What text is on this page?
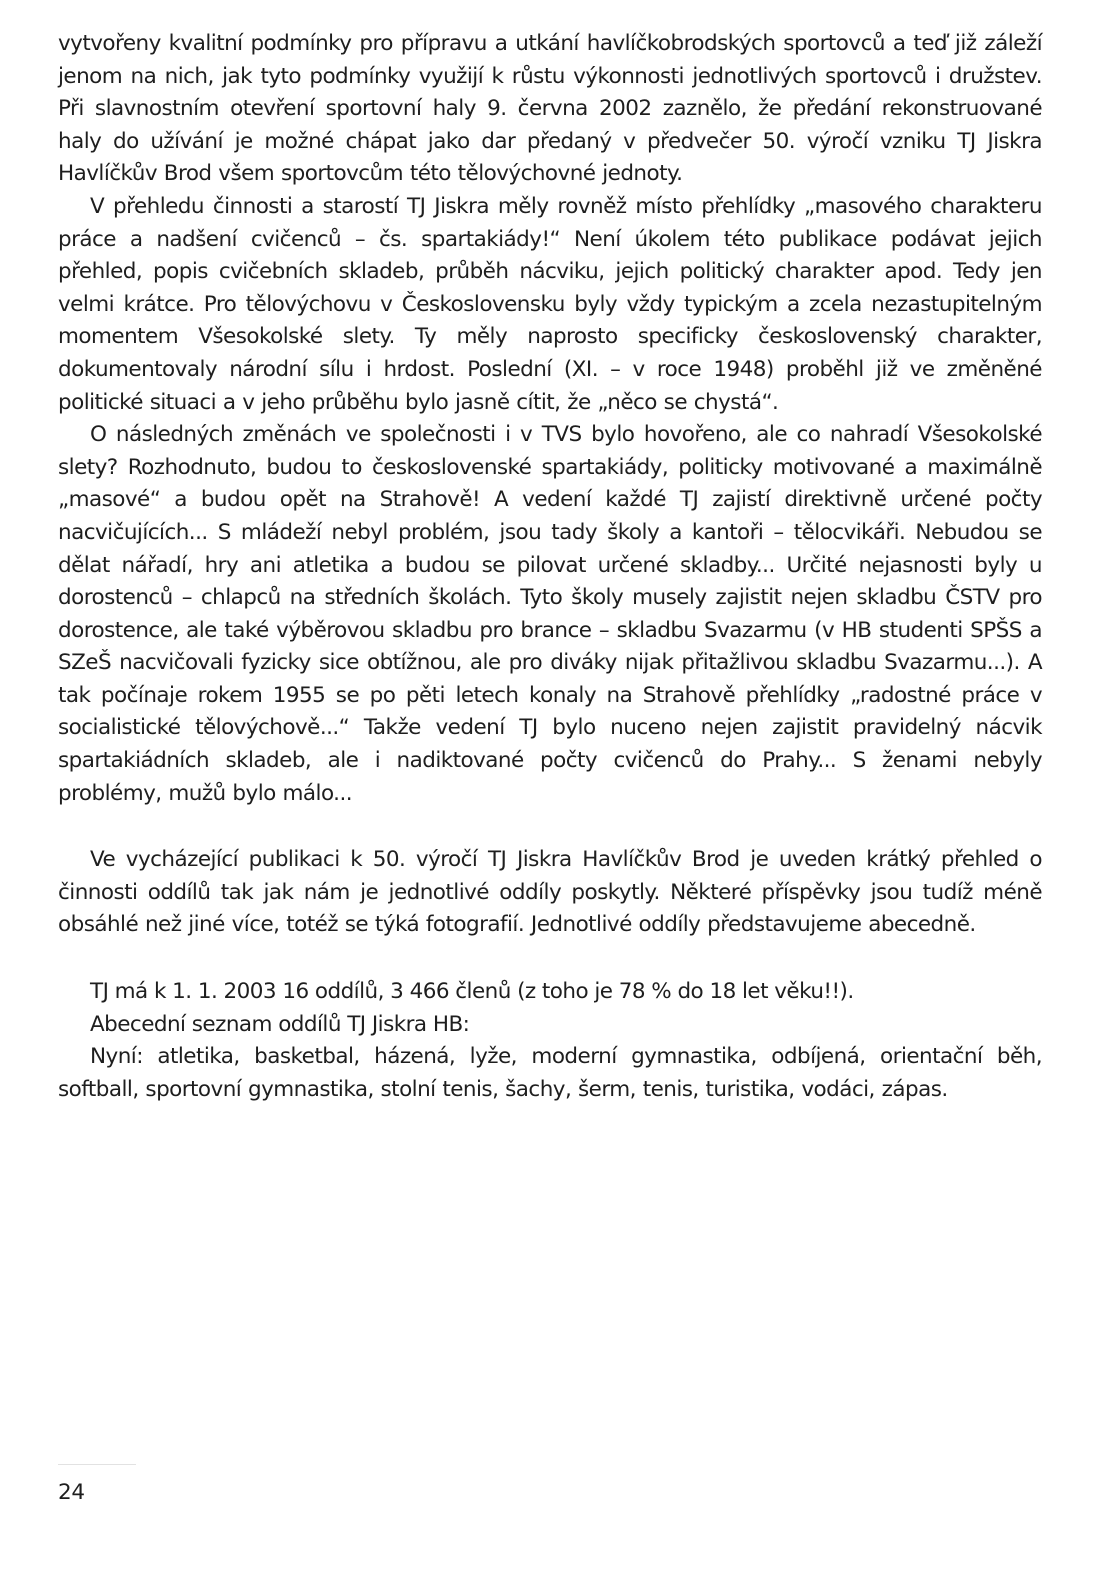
vytvořeny kvalitní podmínky pro přípravu a utkání havlíčkobrodských sportovců a teď již záleží jenom na nich, jak tyto podmínky využijí k růstu výkonnosti jednotlivých sportovců i družstev. Při slavnostním otevření sportovní haly 9. června 2002 zaznělo, že předání rekonstruované haly do užívání je možné chápat jako dar předaný v předvečer 50. výročí vzniku TJ Jiskra Havlíčkův Brod všem sportovcům této tělovýchovné jednoty.

V přehledu činnosti a starostí TJ Jiskra měly rovněž místo přehlídky „masového charakteru práce a nadšení cvičenců – čs. spartakiády!“ Není úkolem této publikace podávat jejich přehled, popis cvičebních skladeb, průběh nácviku, jejich politický charakter apod. Tedy jen velmi krátce. Pro tělovýchovu v Československu byly vždy typickým a zcela nezastupitelným momentem Všesokolské slety. Ty měly naprosto specificky československý charakter, dokumentovaly národní sílu i hrdost. Poslední (XI. – v roce 1948) proběhl již ve změněné politické situaci a v jeho průběhu bylo jasně cítit, že „něco se chystá“.

O následných změnách ve společnosti i v TVS bylo hovořeno, ale co nahradí Všesokolské slety? Rozhodnuto, budou to československé spartakiády, politicky motivované a maximálně „masové“ a budou opět na Strahově! A vedení každé TJ zajistí direktivně určené počty nacvičujících... S mládeží nebyl problém, jsou tady školy a kantoři – tělocvikáři. Nebudou se dělat nářadí, hry ani atletika a budou se pilovat určené skladby... Určité nejasnosti byly u dorostenců – chlapců na středních školách. Tyto školy musely zajistit nejen skladbu ČSTV pro dorostence, ale také výběrovou skladbu pro brance – skladbu Svazarmu (v HB studenti SPŠS a SZeŠ nacvičovali fyzicky sice obtížnou, ale pro diváky nijak přitažlivou skladbu Svazarmu...). A tak počínaje rokem 1955 se po pěti letech konaly na Strahově přehlídky „radostné práce v socialistické tělovýchově...“ Takže vedení TJ bylo nuceno nejen zajistit pravidelný nácvik spartakiádních skladeb, ale i nadiktované počty cvičenců do Prahy... S ženami nebyly problémy, mužů bylo málo...

Ve vycházející publikaci k 50. výročí TJ Jiskra Havlíčkův Brod je uveden krátký přehled o činnosti oddílů tak jak nám je jednotlivé oddíly poskytly. Některé příspěvky jsou tudíž méně obsáhlé než jiné více, totéž se týká fotografií. Jednotlivé oddíly představujeme abecedně.

TJ má k 1. 1. 2003 16 oddílů, 3 466 členů (z toho je 78 % do 18 let věku!!).

Abecední seznam oddílů TJ Jiskra HB:

Nyní: atletika, basketbal, házená, lyže, moderní gymnastika, odbíjená, orientační běh, softball, sportovní gymnastika, stolní tenis, šachy, šerm, tenis, turistika, vodáci, zápas.

24
